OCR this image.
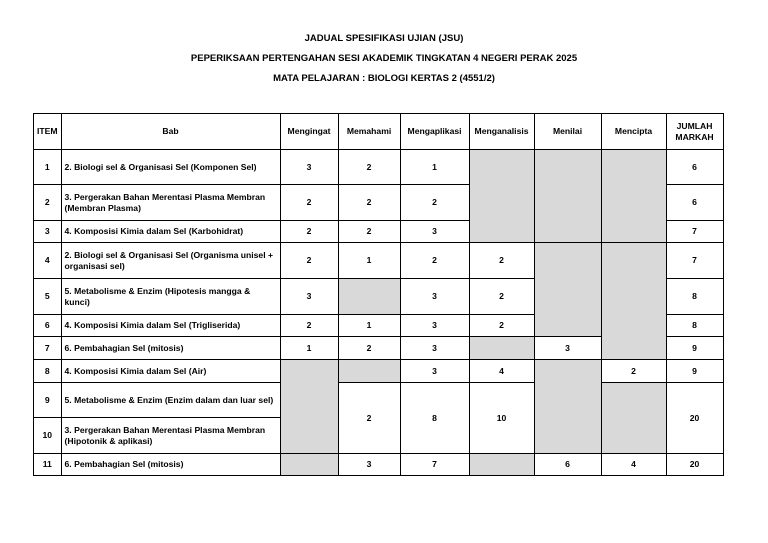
JADUAL SPESIFIKASI UJIAN (JSU)
PEPERIKSAAN PERTENGAHAN SESI AKADEMIK TINGKATAN 4 NEGERI PERAK 2025
MATA PELAJARAN : BIOLOGI KERTAS 2 (4551/2)
ITEM	Bab	Mengingat	Memahami	Mengaplikasi	Menganalisis	Menilai	Mencipta	JUMLAH
MARKAH
1	2. Biologi sel & Organisasi Sel (Komponen Sel)	3	2	1				6
2	3. Pergerakan Bahan Merentasi Plasma Membran (Membran Plasma)	2	2	2				6
3	4. Komposisi Kimia dalam Sel (Karbohidrat)	2	2	3				7
4	2. Biologi sel & Organisasi Sel (Organisma unisel + organisasi sel)	2	1	2	2			7
5	5. Metabolisme & Enzim (Hipotesis mangga & kunci)	3		3	2			8
6	4. Komposisi Kimia dalam Sel (Trigliserida)	2	1	3	2			8
7	6. Pembahagian Sel (mitosis)	1	2	3		3		9
8	4. Komposisi Kimia dalam Sel (Air)			3	4		2	9
9	5. Metabolisme & Enzim (Enzim dalam dan luar sel)		2	8	10			20
10	3. Pergerakan Bahan Merentasi Plasma Membran (Hipotonik & aplikasi)							
11	6. Pembahagian Sel (mitosis)		3	7		6	4	20
